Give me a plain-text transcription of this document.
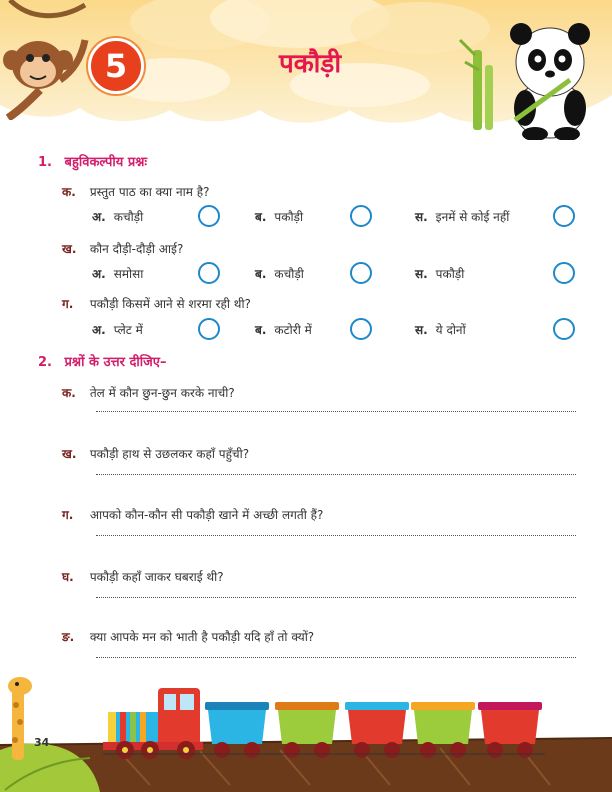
5	पकौड़ी
1. बहुविकल्पीय प्रश्नः
क. प्रस्तुत पाठ का क्या नाम है?
अ. कचौड़ी	ब. पकौड़ी	स. इनमें से कोई नहीं
ख. कौन दौड़ी-दौड़ी आई?
अ. समोसा	ब. कचौड़ी	स. पकौड़ी
ग. पकौड़ी किसमें आने से शरमा रही थी?
अ. प्लेट में	ब. कटोरी में	स. ये दोनों
2. प्रश्नों के उत्तर दीजिए–
क. तेल में कौन छुन-छुन करके नाची?
ख. पकौड़ी हाथ से उछलकर कहाँ पहुँची?
ग. आपको कौन-कौन सी पकौड़ी खाने में अच्छी लगती हैं?
घ. पकौड़ी कहाँ जाकर घबराई थी?
ङ. क्या आपके मन को भाती है पकौड़ी यदि हाँ तो क्यों?
34
